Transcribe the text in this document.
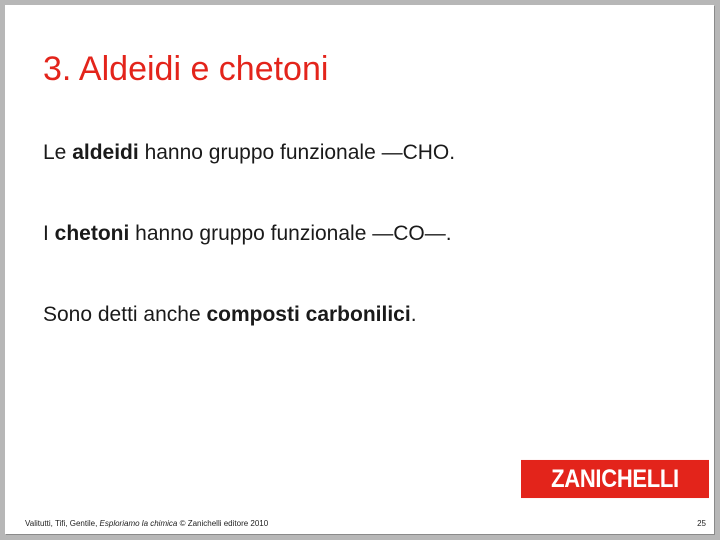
3. Aldeidi e chetoni

Le aldeidi hanno gruppo funzionale —CHO.

I chetoni hanno gruppo funzionale —CO—.

Sono detti anche composti carbonilici.

ZANICHELLI
Valitutti, Tifi, Gentile, Esploriamo la chimica © Zanichelli editore 2010	25
